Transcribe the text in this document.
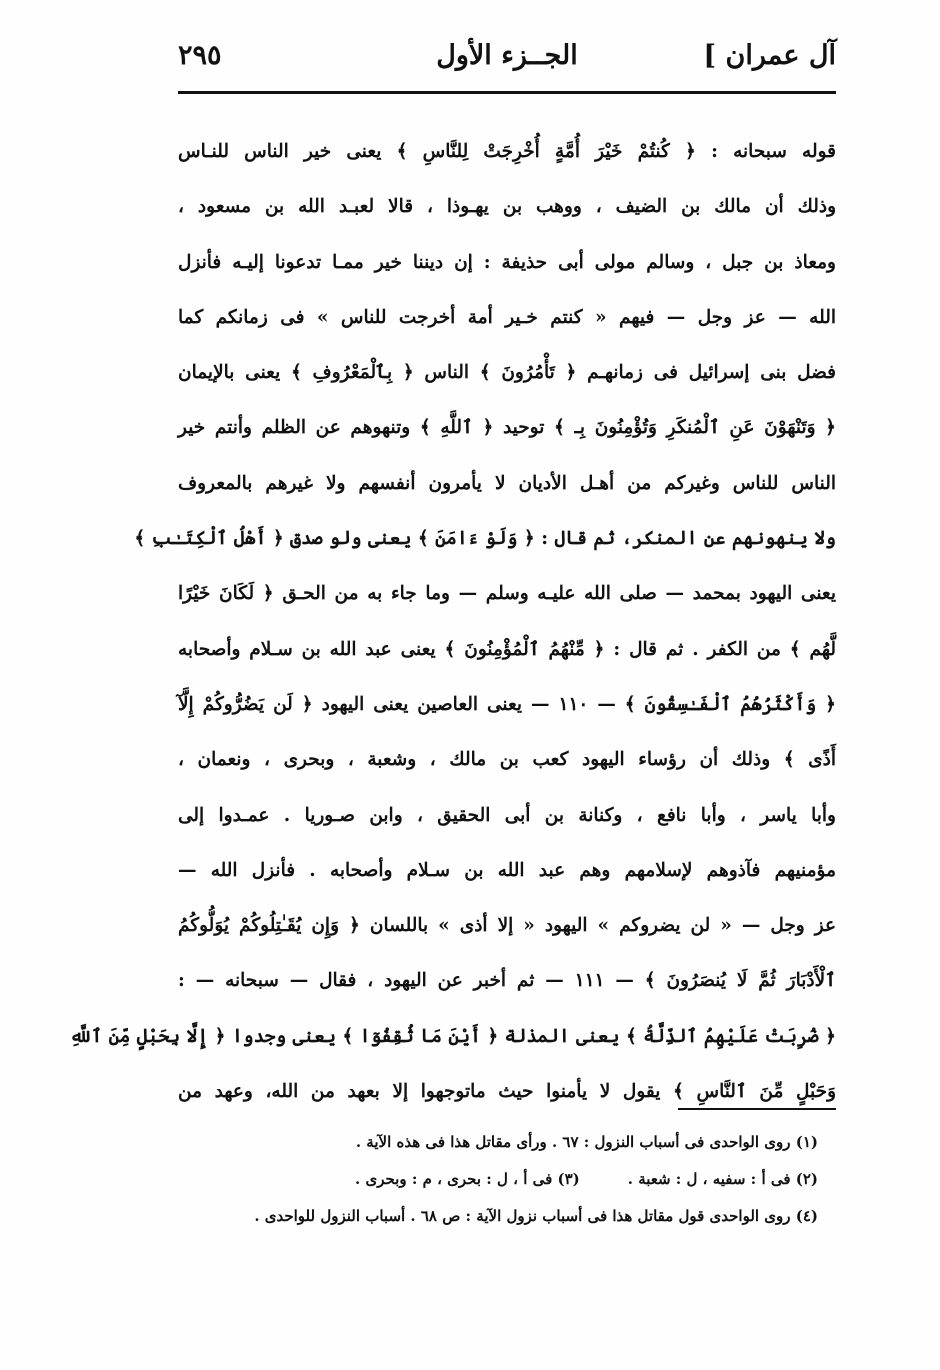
آل عمران ]
الجــزء الأول
٢٩٥
قوله سبحانه : ﴿ كُنتُمْ خَيْرَ أُمَّةٍ أُخْرِجَتْ لِلنَّاسِ ﴾ يعنى خير الناس للنـاس
وذلك أن مالك بن الضيف ، ووهب بن يهـوذا ، قالا لعبـد الله بن مسعود ،
ومعاذ بن جبل ، وسالم مولى أبى حذيفة : إن ديننا خير ممـا تدعونا إليـه فأنزل
الله — عز وجل — فيهم « كنتم خـير أمة أخرجت للناس » فى زمانكم كما
فضل بنى إسرائيل فى زمانهـم ﴿ تَأْمُرُونَ ﴾ الناس ﴿ بِٱلْمَعْرُوفِ ﴾ يعنى بالإيمان
﴿ وَتَنْهَوْنَ عَنِ ٱلْمُنكَرِ وَتُؤْمِنُونَ بِـ ﴾ توحيد ﴿ ٱللَّهِ ﴾ وتنهوهم عن الظلم وأنتم خير
الناس للناس وغيركم من أهـل الأديان لا يأمرون أنفسهم ولا غيرهم بالمعروف
ولا ينهونهم عن المنكر، ثم قال : ﴿ وَلَوْ ءَامَنَ ﴾ يعنى ولو صدق ﴿ أَهْلُ ٱلْكِتَـٰبِ ﴾
يعنى اليهود بمحمد — صلى الله عليـه وسلم — وما جاء به من الحـق ﴿ لَكَانَ خَيْرًا
لَّهُم ﴾ من الكفر . ثم قال : ﴿ مِّنْهُمُ ٱلْمُؤْمِنُونَ ﴾ يعنى عبد الله بن سـلام وأصحابه
﴿ وَأَكْثَرُهُمُ ٱلْفَـٰسِقُونَ ﴾ — ١١٠ — يعنى العاصين يعنى اليهود ﴿ لَن يَضُرُّوكُمْ إِلَّآ
أَذًى ﴾ وذلك أن رؤساء اليهود كعب بن مالك ، وشعبة ، وبحرى ، ونعمان ،
وأبا ياسر ، وأبا نافع ، وكنانة بن أبى الحقيق ، وابن صـوريا . عمـدوا إلى
مؤمنيهم فآذوهم لإسلامهم وهم عبد الله بن سـلام وأصحابه . فأنزل الله —
عز وجل — « لن يضروكم » اليهود « إلا أذى » باللسان ﴿ وَإِن يُقَـٰتِلُوكُمْ يُوَلُّوكُمُ
ٱلْأَدْبَارَ ثُمَّ لَا يُنصَرُونَ ﴾ — ١١١ — ثم أخبر عن اليهود ، فقال — سبحانه — :
﴿ ضُرِبَتْ عَلَيْهِمُ ٱلذِّلَّةُ ﴾ يعنى المذلة ﴿ أَيْنَ مَا ثُقِفُوٓا ﴾ يعنى وجدوا ﴿ إِلَّا بِحَبْلٍ مِّنَ ٱللَّهِ
وَحَبْلٍ مِّنَ ٱلنَّاسِ ﴾ يقول لا يأمنوا حيث ماتوجهوا إلا بعهد من الله، وعهد من
(١) روى الواحدى فى أسباب النزول : ٦٧ . ورأى مقاتل هذا فى هذه الآية .
(٢) فى أ : سفيه ، ل : شعبة .
(٣) فى أ ، ل : بحرى ، م : وبحرى .
(٤) روى الواحدى قول مقاتل هذا فى أسباب نزول الآية : ص ٦٨ . أسباب النزول للواحدى .
